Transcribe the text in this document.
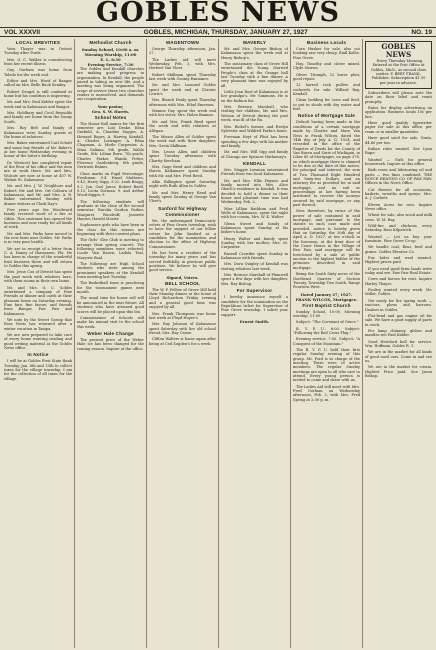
GOBLES NEWS
VOL XXXVII	GOBLES, MICHIGAN, THURSDAY, JANUARY 27, 1927	NO. 19
LOCAL BREVITIES
Vern Thayer was in Detroit Tuesday after Fords.
Mrs. O. C. Walker is convalescing from her recent illness.
Guy, Gurham was home from Toledo for the week end.
Editor and Mrs. Wood of Bangor called on Mrs. Belle Buck Sunday.
Robert Dengel is still confined at home but his condition is improving.
Mr. and Mrs. Paul Kidder spent the week end in Kalamazoo and Bangor.
Mrs. Holdbury and Cecil Reynolds and family are home from the Sunny South.
Mrs. Roy Belt and family of Kalamazoo were Sunday guests at the home of relatives.
Mrs. Baker entertained Carl Schutt and some boy friends of Mr. Baker's at her home Wednesday evening in honor of the latter's birthday.
Dr. Westcott has completed repair of the floor of his office and the men are at work there. Mr. and Mrs. Wolcott are now at home at 407 W. Walnut St. Kalamazoo.
Mr. and Mrs. J. W. Neighbors and Robert, Mr. and Mrs. Ort Colburn of Kalamazoo, and Mr. and Mrs. A. B. Baker entertained Sunday with dinner visitors at Clark Day's.
Five years ago the Woodward family received word of a fire at Gibbs. This customer has opened the business and now ready for all kinds of work.
Mr. and Mrs. Parks have moved to the new farm near Gobles. Mr. Parks is in very poor health.
We are in receipt of a letter from C. A. Haney of Hiawassee, Fla. He has been in charge of the wonderful fruit business there and will return to Gobles this spring.
Mrs. Jesse Cox of Detroit has spent the past week with relatives here, with them rooms in their own home.
Mr. and Mrs. O. C. Gobles entertained a company of Fine Friends at dinner and cards at their pleasant home on Saturday evening. Fine fare, fine favors, and friends from Bangor, Paw Paw and Kalamazoo.
We note by the Street Gossip that Ross Nevis has returned after a winter vacation in Tampa.
We are now prepared to take care of every home wanting reading and good writing material at the Gobles News office.
In Notice
I will be at Gobles First State Bank Tuesday, Jan. 8th and 15th to collect taxes for the village township. I am for the collection of all taxes for the village.
Methodist Church
Sunday School, 10:00 a. m.
Morning Worship, 11:00
E. L. 6:30
Evening Service, 7:30
The Gobles and Kendall churches are making good progress in organization. In Kendall, the people joined in taking on new life, and a meeting was being organized. The scope of service these two churches render is unresolved, and demands our cooperation.
Your pastor,
Geo. S. W. Harris.
School Notes
The Honor Roll names for the first semester are: Lois Drake, Edna Garfield, A. Claudine Sugges, A. Howard Ropes, A. Harvey, Kendall, A. Charles Loisinger, A. Edna Chapman, A. Merle Carpenter, A. Mina Galiana. 5th grade, Waldo Grade, 8th: Liliian Burn. 7th grade, Charles Parker, Wanda Potter, Florence Gardenberg. 6th grade, Gertrude Raines.
Class marks on Pupil Percentage: Freshmen, 9.4. Hazel Mathews, 9.43, Harry Sapp, 9.22. Leah Bragg, 9.2. Jun. Carl Jones, Robert Buell, 9.15, Leota Dorman, 9. and Arthur Wood-digger, 9.
The following students will graduate at the close of the second semester: Rarolia Gordon Parker, Margaret Woodruff, Jeanette Hauser, Harold Mosier.
Sophomore girls who have been in the class for this season are beginning with their current plans.
The Girls' Glee Club is meeting to arrange their spring concert. The following members were selected: Lucile Van Rasen, Ladola Teal, Marjorie Beal.
The following are High School students who were among the prominent speakers at the Kendall town meeting last Tuesday.
The Basketball team is practicing for the tournament games next month.
The usual time for honor roll will be announced in the near future. All students who have attained good scores will be placed upon this list.
Commissioner of Schools will make his annual visit to the school this week.
Weber Hale Change
The present price of the Weber Hale ice has been changed for the coming season. Inquire at the office.
WAGENTOWN
George Thursday afternoon, Jan. 27.
The Ladies aid will meet Wednesday, Feb. 2, with Mrs. Herbert Van Vleet.
Robert Skillman spent Thursday last week with County Examiner.
Mr. and Mrs. Leonard Gobles spent the week end at Chester Lewis's.
Mrs. Blanch Healy spent Thursday afternoon with Mrs. Ethel Emerson.
Mannie Day spent the week end with her sister, Mrs. Helen Bannan.
Mr. and Mrs. Frank Reed spent the week end with relatives at Allegan.
The Misses Allen of Gobles spent the week end with their daughter, Mrs. Gavin Skillman.
Mrs. Leone Allen and children spent Tuesday afternoon with Charity Kercham.
Mrs. Gage Reed and children and Harris Kalkamaer spent Sunday with Mr. and Mrs. Fred Reed.
Allie Billington spent Saturday night with Ruth Allen in Gobles.
Mr. and Mrs. Henry Reed and family spent Sunday at George Van Vleet's.
Sanford for Highway Commissioner
We, the undersigned Democratic voters of Pine Grove township, wish to have the support of our fellow voters for John Sanford as a candidate for the nomination and election to the office of Highway Commissioner.
He has been a resident of the township for many years and has served faithfully in previous public positions. We believe he will give good service.
Signed, Voters.
BELL SCHOOL
The W. F. Fellow of Grove Hill held their Monday dinner at the home of Lloyd Richardson Friday evening and a general good time was enjoyed by all.
Mrs. Frank Thompson was home last week at Floyd Huyer's.
Mrs. Ray Johnson of Kalamazoo spent Saturday with her old school friend, Mrs. Ray Crane.
Clifton Walters is home again after being at Ceil Sugden's for a week.
WAVERLY
Mr. and Mrs. George Bishop of Kalamazoo spent the week end at Henry Bishop's.
The missionary class of Grove Hill entertained the Young Married People's class at the Grange hall last Tuesday with a fine dinner. A very pleasant time was enjoyed by all.
Little Jean Root of Kalamazoo is at her grandpa's, Mr. Simmons. He is on the fashion list.
Mrs. Bernice Marshall, who visiting her children, Mr. and Mrs. Watson of Detroit during the past week, was ill of the flu.
Mrs. Rickel's farmer, and Evelyn Sylvester and Wildred Parks's home.
Freeman Hoyt of Flint has been spending a few days with his mother and family.
Mr. and Mrs. Will Ogg and family of Chicago are Spencer Hathaway's.
KENDALL
Mrs. Maggie Lowman entertained Friends from two local Kalamazoo.
Mr. and Mrs. Ellis Haynes and family moved into Mrs. Alice Gleich's residence in Kendall. It was decided to hold a dinner in their honor and pleasant time was had Wednesday, Feb. 2.
Miss Lillian Rathbun and Fred Wells of Kalamazoo, spent the night with her cousin, Mrs. W. K. Walter.
Glenn Sweet and family of Kalamazoo spent Sunday at his father's home.
Henry Walter and family spent Sunday with her mother, Mrs. M. Carpenter.
Russell Crowder spent Sunday in Kalamazoo with friends.
Mrs. Dora Quigley of Kendall was visiting relatives last week.
Mrs. Bernice Marshall of Plainwell spent a few days with her daughter, Mrs. Ray Bishop.
For Supervisor
I hereby announce myself a candidate for the nomination on the Republican ticket for Supervisor of Pine Grove township. I solicit your support.
Ernest Smith.
Business Locals
Corn Husker for sale, also cut husking saw very cheap. Emil Kolbe, Pine Grove.
Hay, Timothy and clover mixed. Clyde Strawn.
Oliver Triumph, 12 horse plow, good repair.
12 barred rock pullets and cockerels for sale. Willard Ray, Kendall.
Clean bedding for cows and feed, to put in sheds with dry water and fuel.
Notice of Mortgage Sale
Default having been made in the conditions of a certain mortgage made by Charles and Mary Van Ness to Frank Wilcox, dated the 14th day of July A. D. 1924, and recorded in the office of the Register of Deeds for the County of Van Buren and State of Michigan, in Liber 85 of Mortgages, on page 378, on which mortgage there is claimed to be due at the date of this notice, for principal and interest, the sum of Two Thousand Eight Hundred and Sixty-two Dollars, and an attorney fee as provided for in said mortgage, and no suit or proceedings at law having been instituted to recover the moneys secured by said mortgage, or any part thereof.
Now, therefore, by virtue of the power of sale contained in said mortgage, and pursuant to the statute in such case made and provided, notice is hereby given that on Saturday, the 30th day of April A. D. 1927, at ten o'clock in the forenoon, at the front door of the Court House in the Village of Paw Paw, said mortgage will be foreclosed by a sale at public auction to the highest bidder of the premises described in said mortgage.
Being the South Sixty acres of the Northeast Quarter of Section Twenty, Township Two South, Range Fourteen West.
Dated January 27, 1927.
FRANK WILCOX, Mortgagee.
First Baptist Church
Sunday School, 10:00. Morning worship, 11:00.
Subject: "The Covenant of Grace."
B. Y. P. U., 6:00. Subject: "Following the Red Cross Flag."
Evening service, 7:00. Subject: "A Conquest of the Mountain."
The B. Y. P. U. held their first regular Sunday evening of this group. Mr. Ford is in charge of the meeting. There were 20 active members. The regular Sunday meetings are open to all who care to attend. Every young person is invited to come and share with us.
The Ladies Aid will meet with Mrs. Fred Gorham on Wednesday afternoon, Feb. 2, with Mrs. Fred Spring at 2:30 p. m.
GOBLES NEWS
Every Thursday Morning. Entered at the Post Office at Gobles, Mich., as second class matter. F. BERT FRANK, Publisher. Subscription $1.50 per year in advance.
Subscribers will please note the date on their label and remit promptly.
Rates for display advertising on application. Business locals 10c per line.
Have good quality typewriter paper for sale at this office, per ream or in smaller quantities.
Have good used for sale. Grain, $4.60 per ton.
Italian rules wanted. See Lynn Rupe.
Wanted — Girls for general housework. Inquire at this office.
Bath room and lubricating oil and parts — two lines combined. THE ROYCE HEATING CO. OF PAW PAW. Offices in the News Office.
Cut flowers for all occasions, baskets, wreaths and sprays. Mrs. A. J. Corbett.
Eleven Acres for rent. Inquire News office.
Wheat for sale, also wood and milk cows. W. M. Ray.
Wild-fire and chickens every Saturday. Ross Kilpatrick.
Wanted — Let us buy your furniture. Pine Grove Co-op.
We handle coal, flour, feed and grains. Gobles Elevator Co.
Fur, hides and wool wanted. Highest prices paid.
If you need good farm lands write today and see. Paw Paw Real Estate.
Cows and horses for rent. Inquire Harley Thayer.
Poultry wanted every week. Mr. Miller, Gobles.
Get ready for the spring work — tractors, plows and harrows. Dealers in Gobles.
Flat-head and gas engine oil for sale. We have a good supply of parts in stock.
For lamp chimney, globes and mantles see Paul Kidder.
Good Hereford bull for service. Wm. Hoffman, Gobles R. 1.
We are in the market for all kinds of good used cars. Come in and see us.
We are in the market for cream. Highest Price paid. See Jason Bishop.
